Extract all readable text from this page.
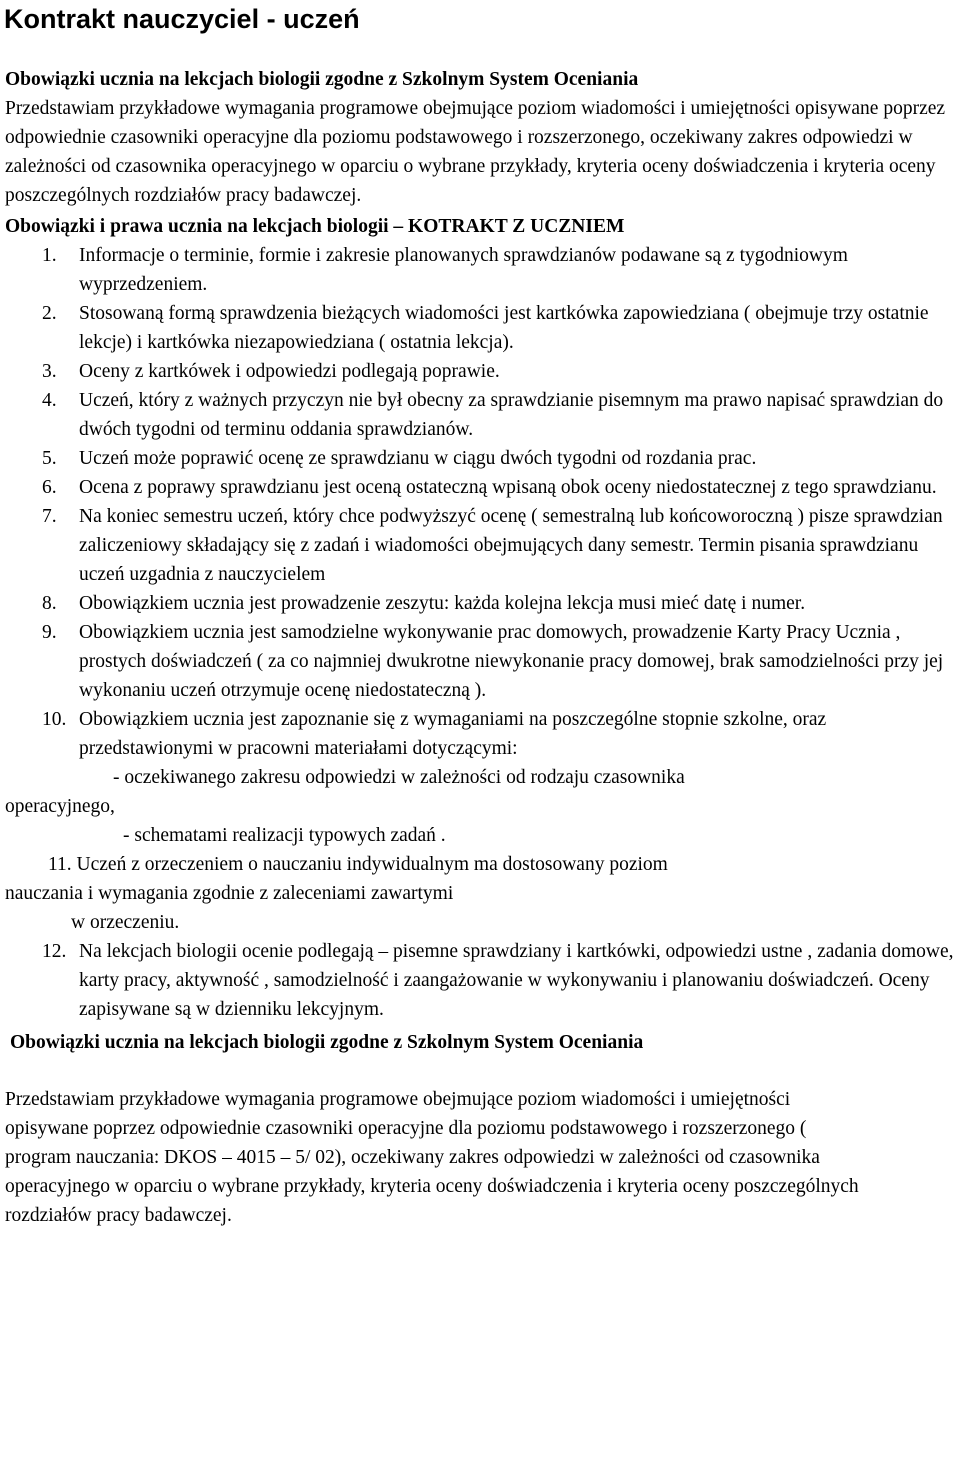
Kontrakt nauczyciel - uczeń

Obowiązki ucznia na lekcjach biologii zgodne z Szkolnym System Oceniania

Przedstawiam przykładowe wymagania programowe obejmujące poziom wiadomości i umiejętności opisywane poprzez odpowiednie czasowniki operacyjne dla poziomu podstawowego i rozszerzonego, oczekiwany zakres odpowiedzi w zależności od czasownika operacyjnego w oparciu o wybrane przykłady, kryteria oceny doświadczenia i kryteria oceny poszczególnych rozdziałów pracy badawczej.

Obowiązki i prawa ucznia na lekcjach biologii – KOTRAKT Z UCZNIEM

1. Informacje o terminie, formie i zakresie planowanych sprawdzianów podawane są z tygodniowym wyprzedzeniem.
2. Stosowaną formą sprawdzenia bieżących wiadomości jest kartkówka zapowiedziana ( obejmuje trzy ostatnie lekcje) i kartkówka niezapowiedziana ( ostatnia lekcja).
3. Oceny z kartkówek i odpowiedzi podlegają poprawie.
4. Uczeń, który z ważnych przyczyn nie był obecny za sprawdzianie pisemnym ma prawo napisać sprawdzian do dwóch tygodni od terminu oddania sprawdzianów.
5. Uczeń może poprawić ocenę ze sprawdzianu w ciągu dwóch tygodni od rozdania prac.
6. Ocena z poprawy sprawdzianu jest oceną ostateczną wpisaną obok oceny niedostatecznej z tego sprawdzianu.
7. Na koniec semestru uczeń, który chce podwyższyć ocenę ( semestralną lub końcoworoczną ) pisze sprawdzian zaliczeniowy składający się z zadań i wiadomości obejmujących dany semestr. Termin pisania sprawdzianu uczeń uzgadnia z nauczycielem
8. Obowiązkiem ucznia jest prowadzenie zeszytu: każda kolejna lekcja musi mieć datę i numer.
9. Obowiązkiem ucznia jest samodzielne wykonywanie prac domowych, prowadzenie Karty Pracy Ucznia , prostych doświadczeń ( za co najmniej dwukrotne niewykonanie pracy domowej, brak samodzielności przy jej wykonaniu uczeń otrzymuje ocenę niedostateczną ).
10. Obowiązkiem ucznia jest zapoznanie się z wymaganiami na poszczególne stopnie szkolne, oraz przedstawionymi w pracowni materiałami dotyczącymi:

- oczekiwanego zakresu odpowiedzi w zależności od rodzaju czasownika

operacyjnego,

- schematami realizacji typowych zadań .

11. Uczeń z orzeczeniem o nauczaniu indywidualnym ma dostosowany poziom

nauczania i wymagania zgodnie z zaleceniami zawartymi

w orzeczeniu.

12. Na lekcjach biologii ocenie podlegają – pisemne sprawdziany i kartkówki, odpowiedzi ustne , zadania domowe, karty pracy, aktywność , samodzielność i zaangażowanie w wykonywaniu i planowaniu doświadczeń. Oceny zapisywane są w dzienniku lekcyjnym.

Obowiązki ucznia na lekcjach biologii zgodne z Szkolnym System Oceniania

Przedstawiam przykładowe wymagania programowe obejmujące poziom wiadomości i umiejętności opisywane poprzez odpowiednie czasowniki operacyjne dla poziomu podstawowego i rozszerzonego ( program nauczania: DKOS – 4015 – 5/ 02), oczekiwany zakres odpowiedzi w zależności od czasownika operacyjnego w oparciu o wybrane przykłady, kryteria oceny doświadczenia i kryteria oceny poszczególnych rozdziałów pracy badawczej.
